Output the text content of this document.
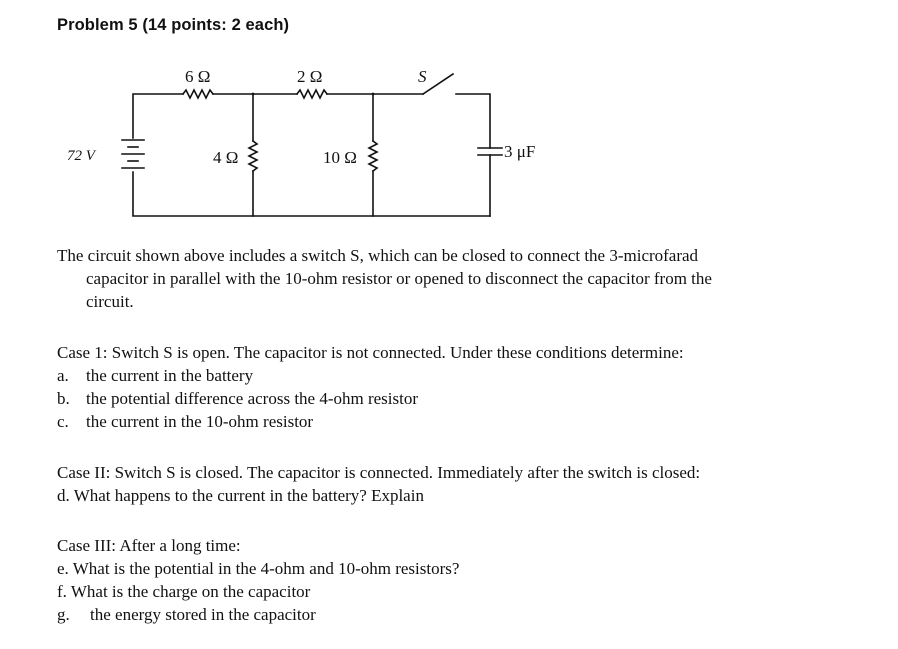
Problem 5 (14 points: 2 each)
6 Ω	2 Ω	S
72 V	4 Ω	10 Ω	3 μF
The circuit shown above includes a switch S, which can be closed to connect the 3-microfarad
capacitor in parallel with the 10-ohm resistor or opened to disconnect the capacitor from the
circuit.
Case 1: Switch S is open. The capacitor is not connected. Under these conditions determine:
a.	the current in the battery
b. the potential difference across the 4-ohm resistor
c.	the current in the 10-ohm resistor
Case II: Switch S is closed. The capacitor is connected. Immediately after the switch is closed:
d. What happens to the current in the battery? Explain
Case III: After a long time:
e. What is the potential in the 4-ohm and 10-ohm resistors?
f. What is the charge on the capacitor
g.	the energy stored in the capacitor
